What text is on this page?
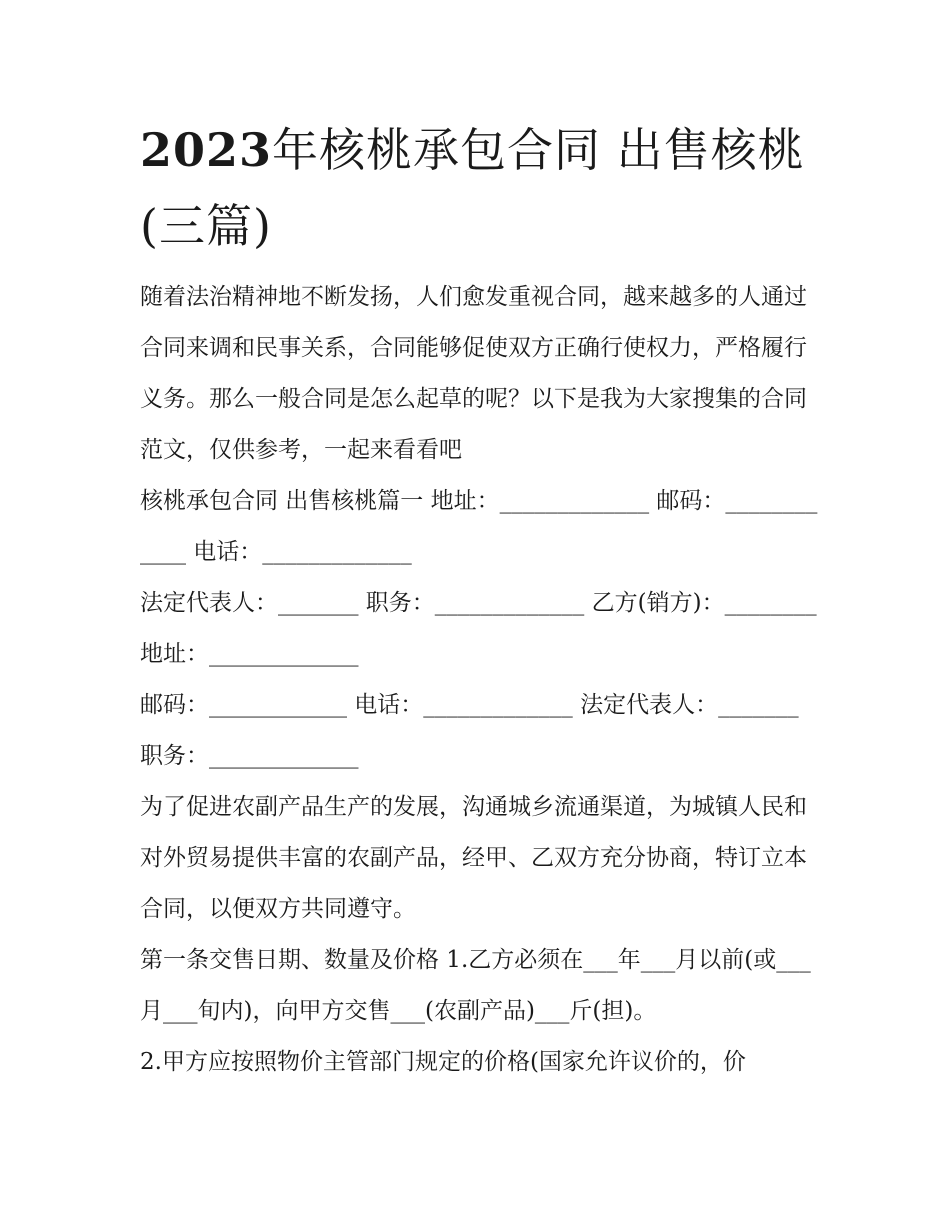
2023年核桃承包合同 出售核桃(三篇)

随着法治精神地不断发扬，人们愈发重视合同，越来越多的人通过合同来调和民事关系，合同能够促使双方正确行使权力，严格履行义务。那么一般合同是怎么起草的呢？以下是我为大家搜集的合同范文，仅供参考，一起来看看吧

核桃承包合同 出售核桃篇一 地址：_____________ 邮码：____________ 电话：_____________

法定代表人：_______ 职务：_____________ 乙方(销方)：________ 地址：_____________

邮码：____________ 电话：_____________ 法定代表人：_______ 职务：_____________

为了促进农副产品生产的发展，沟通城乡流通渠道，为城镇人民和对外贸易提供丰富的农副产品，经甲、乙双方充分协商，特订立本合同，以便双方共同遵守。

第一条交售日期、数量及价格 1.乙方必须在___年___月以前(或___月___旬内)，向甲方交售___(农副产品)___斤(担)。

2.甲方应按照物价主管部门规定的价格(国家允许议价的，价
